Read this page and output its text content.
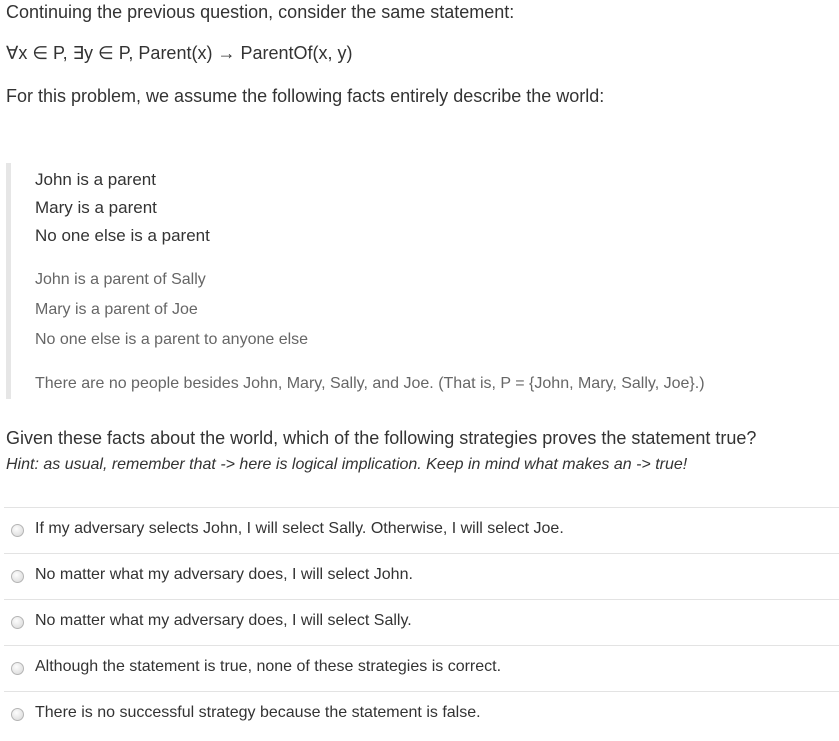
Continuing the previous question, consider the same statement:
∀x ∈ P, ∃y ∈ P, Parent(x) → ParentOf(x, y)
For this problem, we assume the following facts entirely describe the world:
John is a parent
Mary is a parent
No one else is a parent
John is a parent of Sally
Mary is a parent of Joe
No one else is a parent to anyone else
There are no people besides John, Mary, Sally, and Joe. (That is, P = {John, Mary, Sally, Joe}.)
Given these facts about the world, which of the following strategies proves the statement true?
Hint: as usual, remember that -> here is logical implication. Keep in mind what makes an -> true!
If my adversary selects John, I will select Sally. Otherwise, I will select Joe.
No matter what my adversary does, I will select John.
No matter what my adversary does, I will select Sally.
Although the statement is true, none of these strategies is correct.
There is no successful strategy because the statement is false.
